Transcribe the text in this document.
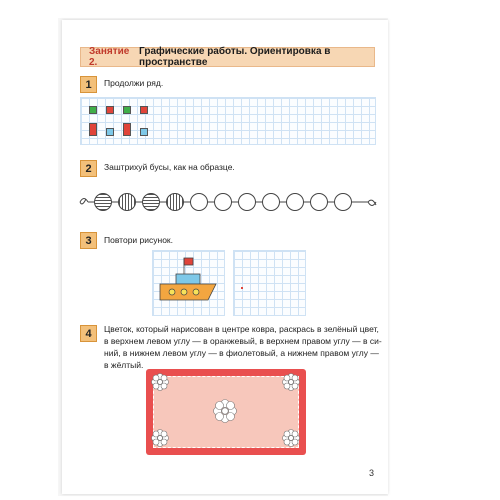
Занятие 2.
Графические работы. Ориентировка в пространстве
1	Продолжи ряд.
2	Заштрихуй бусы, как на образце.
3	Повтори рисунок.
4	Цветок, который нарисован в центре ковра, раскрась в зелёный цвет,
в верхнем левом углу — в оранжевый, в верхнем правом углу — в си-
ний, в нижнем левом углу — в фиолетовый, а нижнем правом углу —
в жёлтый.
3
